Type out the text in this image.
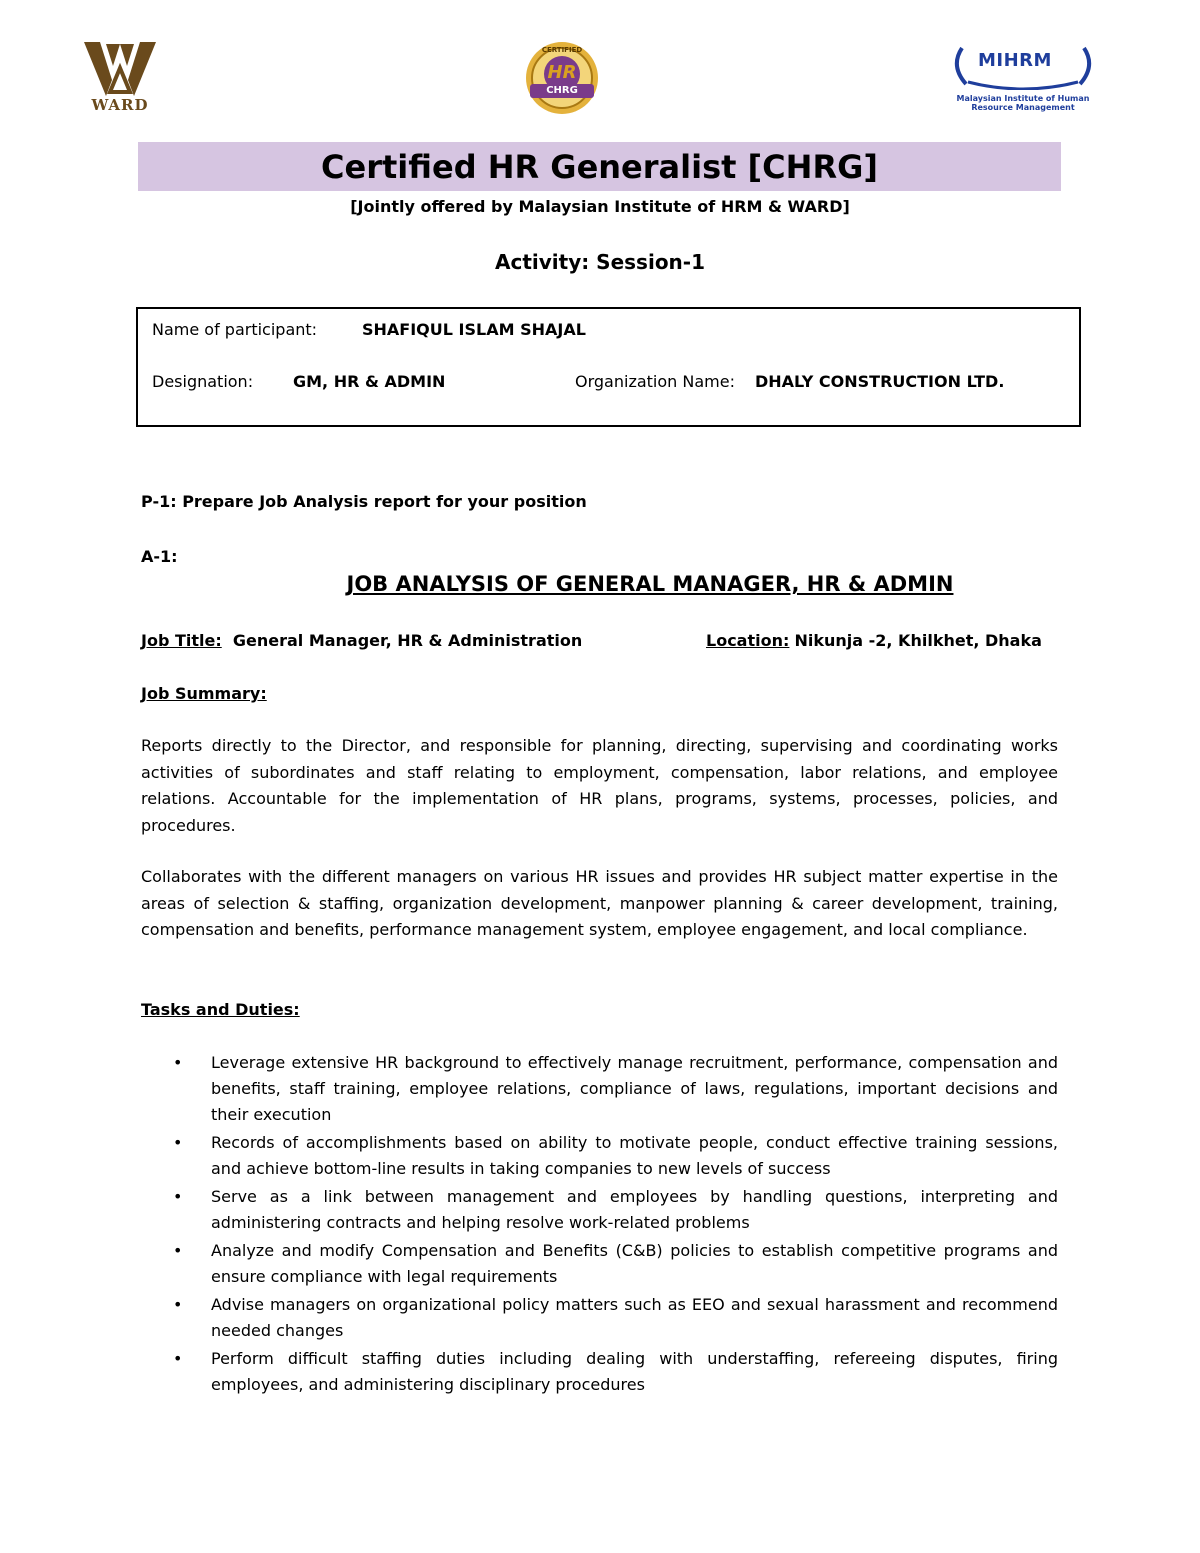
WARD
CERTIFIED
HR
CHRG
MIHRM
Malaysian Institute of Human
Resource Management
Certified HR Generalist [CHRG]
[Jointly offered by Malaysian Institute of HRM & WARD]
Activity: Session-1
Name of participant:	SHAFIQUL ISLAM SHAJAL
Designation: GM, HR & ADMIN	Organization Name: DHALY CONSTRUCTION LTD.
P-1: Prepare Job Analysis report for your position
A-1:
JOB ANALYSIS OF GENERAL MANAGER, HR & ADMIN
Job Title: General Manager, HR & Administration	Location: Nikunja -2, Khilkhet, Dhaka
Job Summary:
Reports directly to the Director, and responsible for planning, directing, supervising and coordinating works activities of subordinates and staff relating to employment, compensation, labor relations, and employee relations. Accountable for the implementation of HR plans, programs, systems, processes, policies, and procedures.
Collaborates with the different managers on various HR issues and provides HR subject matter expertise in the areas of selection & staffing, organization development, manpower planning & career development, training, compensation and benefits, performance management system, employee engagement, and local compliance.
Tasks and Duties:
• Leverage extensive HR background to effectively manage recruitment, performance, compensation and benefits, staff training, employee relations, compliance of laws, regulations, important decisions and their execution
• Records of accomplishments based on ability to motivate people, conduct effective training sessions, and achieve bottom-line results in taking companies to new levels of success
• Serve as a link between management and employees by handling questions, interpreting and administering contracts and helping resolve work-related problems
• Analyze and modify Compensation and Benefits (C&B) policies to establish competitive programs and ensure compliance with legal requirements
• Advise managers on organizational policy matters such as EEO and sexual harassment and recommend needed changes
• Perform difficult staffing duties including dealing with understaffing, refereeing disputes, firing employees, and administering disciplinary procedures
